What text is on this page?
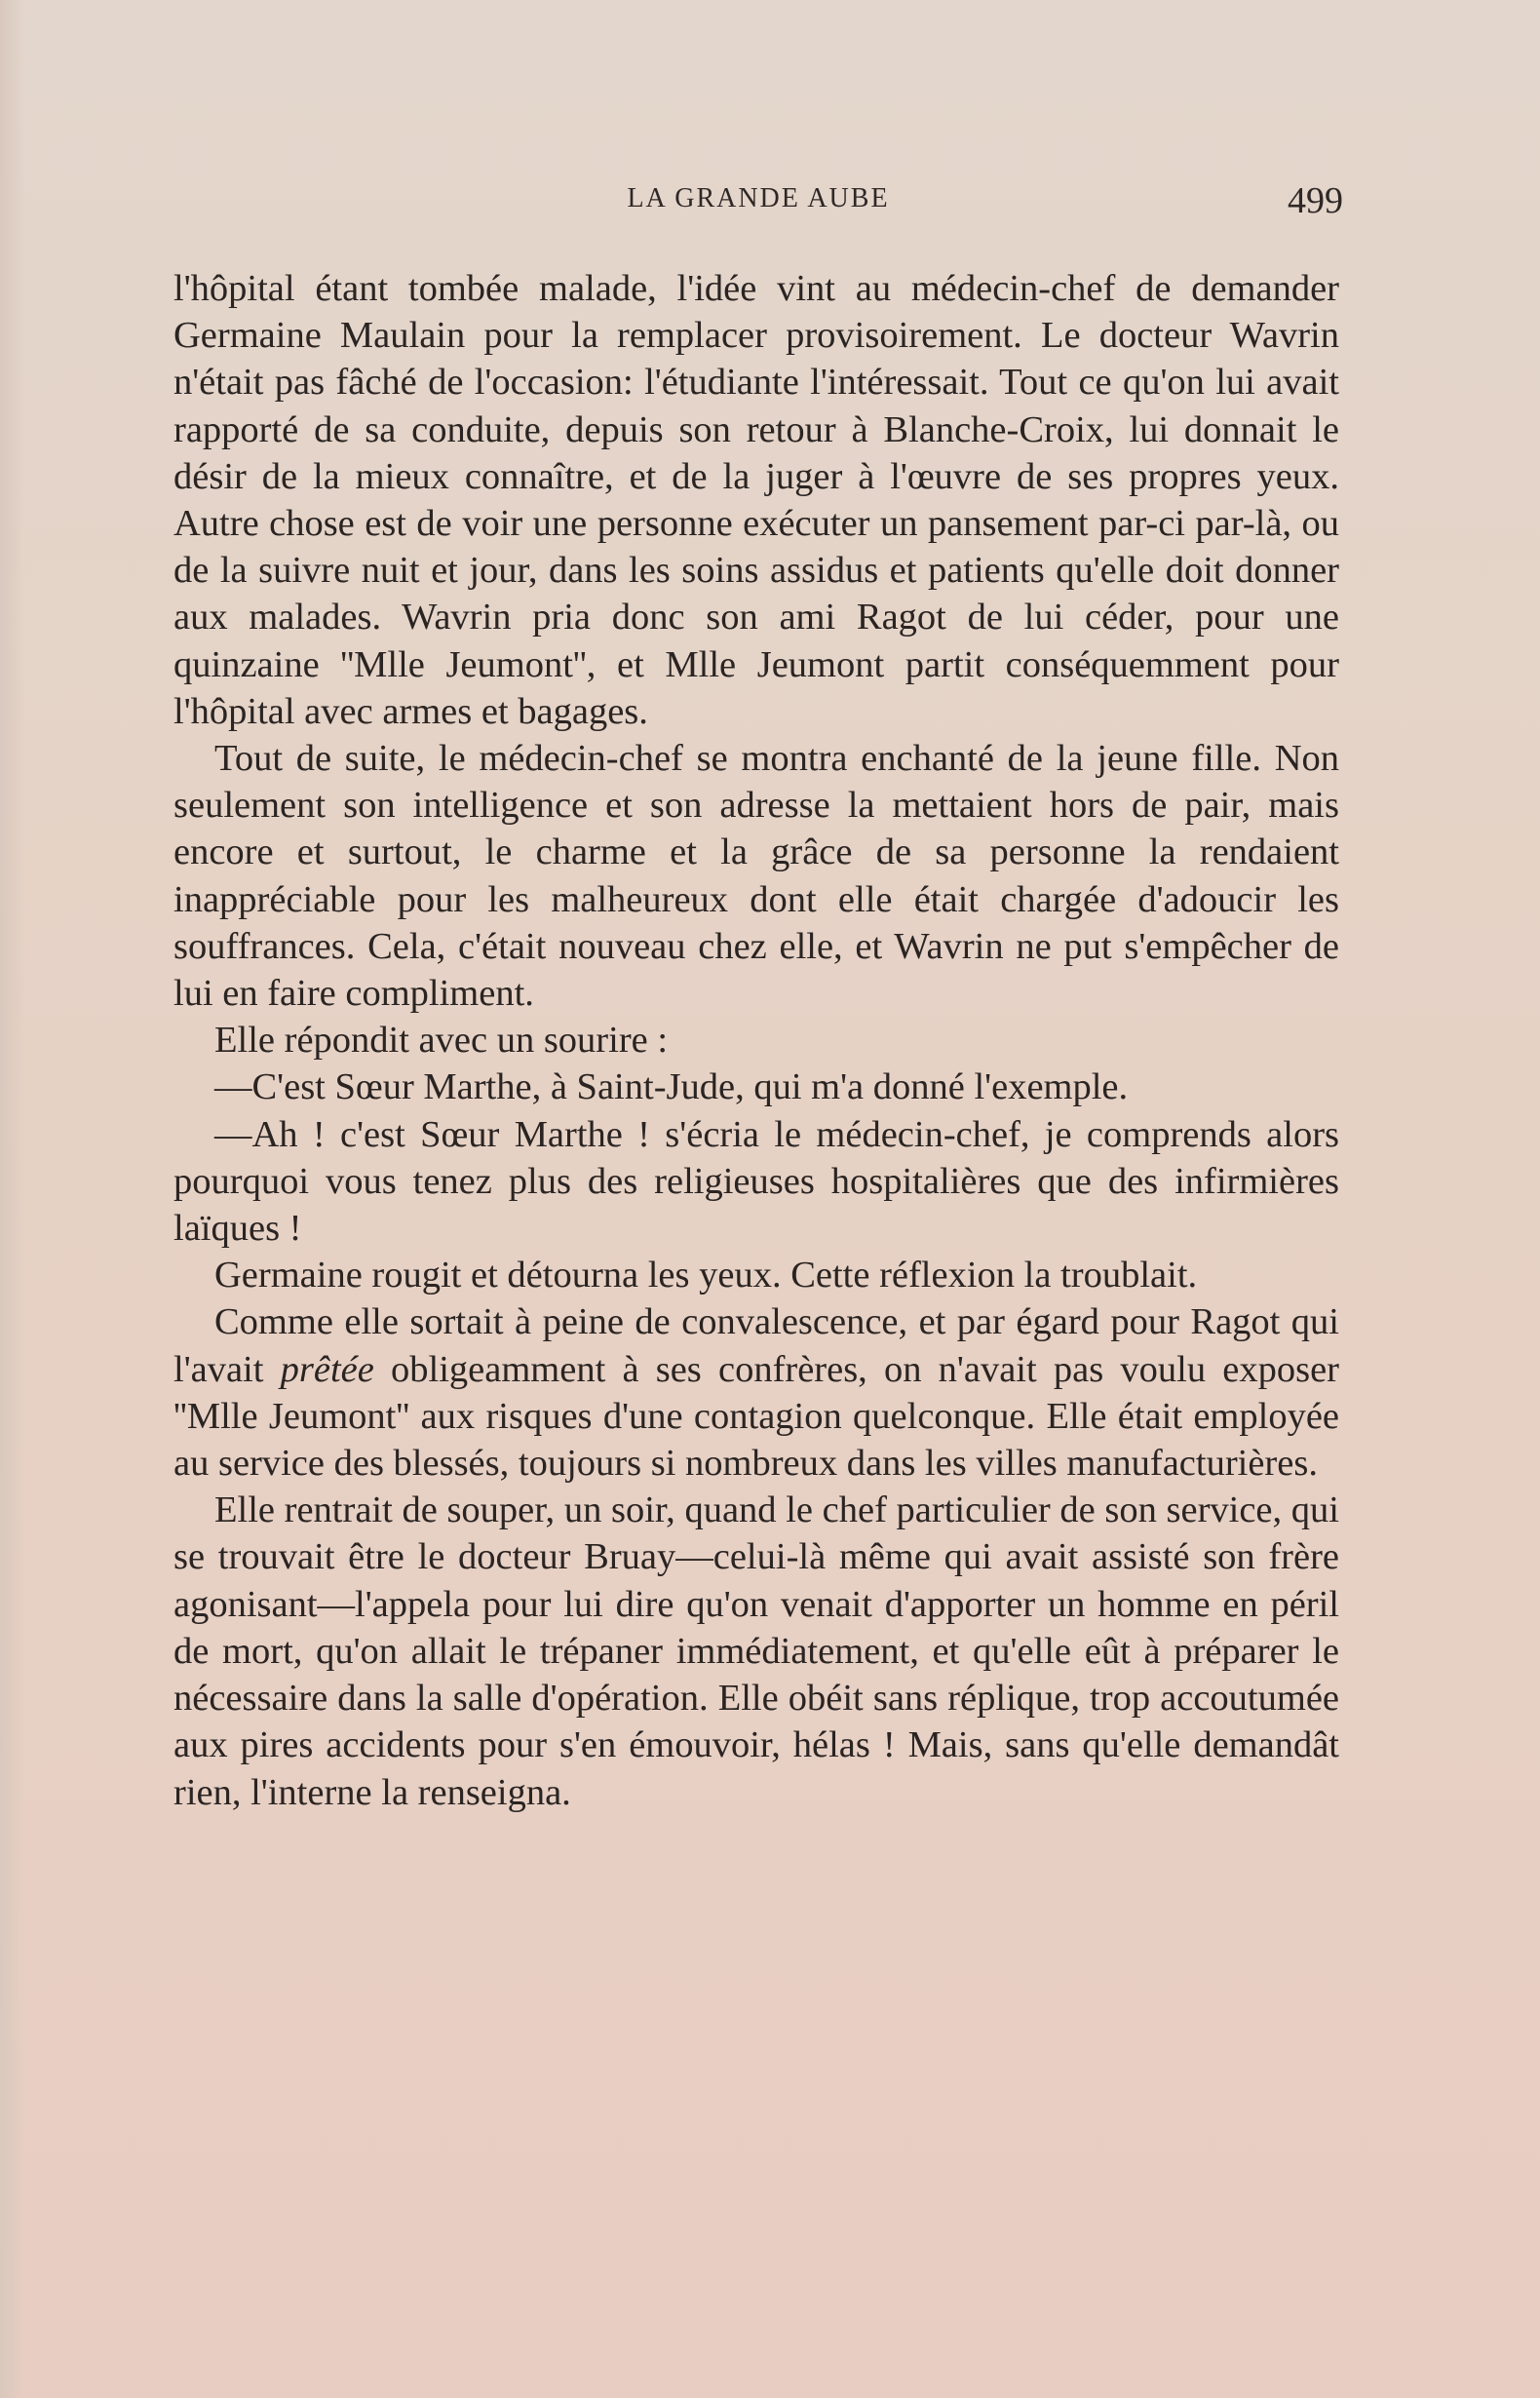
LA GRANDE AUBE	499

l'hôpital étant tombée malade, l'idée vint au médecin-chef de demander Germaine Maulain pour la remplacer provisoirement. Le docteur Wavrin n'était pas fâché de l'occasion: l'étudiante l'intéressait. Tout ce qu'on lui avait rapporté de sa conduite, depuis son retour à Blanche-Croix, lui donnait le désir de la mieux connaître, et de la juger à l'œuvre de ses propres yeux. Autre chose est de voir une personne exécuter un pansement par-ci par-là, ou de la suivre nuit et jour, dans les soins assidus et patients qu'elle doit donner aux malades. Wavrin pria donc son ami Ragot de lui céder, pour une quinzaine ''Mlle Jeumont'', et Mlle Jeumont partit conséquemment pour l'hôpital avec armes et bagages.

Tout de suite, le médecin-chef se montra enchanté de la jeune fille. Non seulement son intelligence et son adresse la mettaient hors de pair, mais encore et surtout, le charme et la grâce de sa personne la rendaient inappréciable pour les malheureux dont elle était chargée d'adoucir les souffrances. Cela, c'était nouveau chez elle, et Wavrin ne put s'empêcher de lui en faire compliment.

Elle répondit avec un sourire :

—C'est Sœur Marthe, à Saint-Jude, qui m'a donné l'exemple.

—Ah ! c'est Sœur Marthe ! s'écria le médecin-chef, je comprends alors pourquoi vous tenez plus des religieuses hospitalières que des infirmières laïques !

Germaine rougit et détourna les yeux. Cette réflexion la troublait.

Comme elle sortait à peine de convalescence, et par égard pour Ragot qui l'avait prêtée obligeamment à ses confrères, on n'avait pas voulu exposer ''Mlle Jeumont'' aux risques d'une contagion quelconque. Elle était employée au service des blessés, toujours si nombreux dans les villes manufacturières.

Elle rentrait de souper, un soir, quand le chef particulier de son service, qui se trouvait être le docteur Bruay—celui-là même qui avait assisté son frère agonisant—l'appela pour lui dire qu'on venait d'apporter un homme en péril de mort, qu'on allait le trépaner immédiatement, et qu'elle eût à préparer le nécessaire dans la salle d'opération. Elle obéit sans réplique, trop accoutumée aux pires accidents pour s'en émouvoir, hélas ! Mais, sans qu'elle demandât rien, l'interne la renseigna.
